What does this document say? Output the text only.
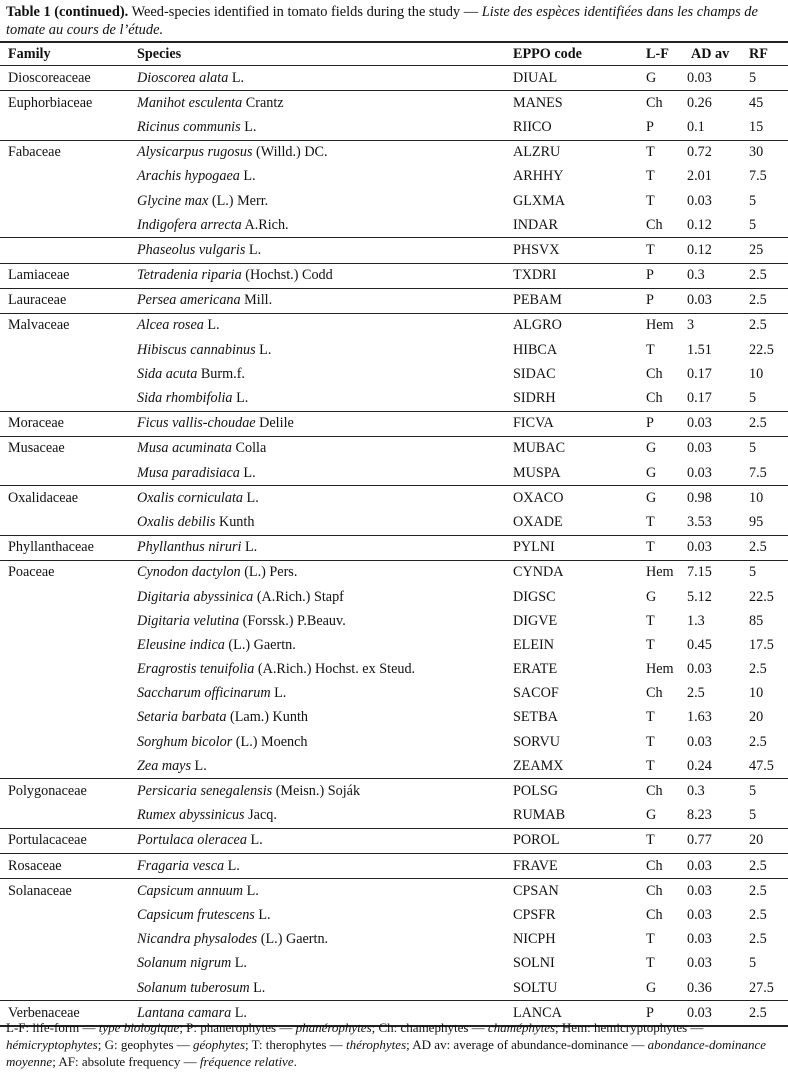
Table 1 (continued). Weed-species identified in tomato fields during the study — Liste des espèces identifiées dans les champs de tomate au cours de l’étude.
Family	Species	EPPO code	L-F	AD av	RF
Dioscoreaceae	Dioscorea alata L.	DIUAL	G	0.03	5
Euphorbiaceae	Manihot esculenta Crantz	MANES	Ch	0.26	45
	Ricinus communis L.	RIICO	P	0.1	15
Fabaceae	Alysicarpus rugosus (Willd.) DC.	ALZRU	T	0.72	30
	Arachis hypogaea L.	ARHHY	T	2.01	7.5
	Glycine max (L.) Merr.	GLXMA	T	0.03	5
	Indigofera arrecta A.Rich.	INDAR	Ch	0.12	5
	Phaseolus vulgaris L.	PHSVX	T	0.12	25
Lamiaceae	Tetradenia riparia (Hochst.) Codd	TXDRI	P	0.3	2.5
Lauraceae	Persea americana Mill.	PEBAM	P	0.03	2.5
Malvaceae	Alcea rosea L.	ALGRO	Hem	3	2.5
	Hibiscus cannabinus L.	HIBCA	T	1.51	22.5
	Sida acuta Burm.f.	SIDAC	Ch	0.17	10
	Sida rhombifolia L.	SIDRH	Ch	0.17	5
Moraceae	Ficus vallis-choudae Delile	FICVA	P	0.03	2.5
Musaceae	Musa acuminata Colla	MUBAC	G	0.03	5
	Musa paradisiaca L.	MUSPA	G	0.03	7.5
Oxalidaceae	Oxalis corniculata L.	OXACO	G	0.98	10
	Oxalis debilis Kunth	OXADE	T	3.53	95
Phyllanthaceae	Phyllanthus niruri L.	PYLNI	T	0.03	2.5
Poaceae	Cynodon dactylon (L.) Pers.	CYNDA	Hem	7.15	5
	Digitaria abyssinica (A.Rich.) Stapf	DIGSC	G	5.12	22.5
	Digitaria velutina (Forssk.) P.Beauv.	DIGVE	T	1.3	85
	Eleusine indica (L.) Gaertn.	ELEIN	T	0.45	17.5
	Eragrostis tenuifolia (A.Rich.) Hochst. ex Steud.	ERATE	Hem	0.03	2.5
	Saccharum officinarum L.	SACOF	Ch	2.5	10
	Setaria barbata (Lam.) Kunth	SETBA	T	1.63	20
	Sorghum bicolor (L.) Moench	SORVU	T	0.03	2.5
	Zea mays L.	ZEAMX	T	0.24	47.5
Polygonaceae	Persicaria senegalensis (Meisn.) Soják	POLSG	Ch	0.3	5
	Rumex abyssinicus Jacq.	RUMAB	G	8.23	5
Portulacaceae	Portulaca oleracea L.	POROL	T	0.77	20
Rosaceae	Fragaria vesca L.	FRAVE	Ch	0.03	2.5
Solanaceae	Capsicum annuum L.	CPSAN	Ch	0.03	2.5
	Capsicum frutescens L.	CPSFR	Ch	0.03	2.5
	Nicandra physalodes (L.) Gaertn.	NICPH	T	0.03	2.5
	Solanum nigrum L.	SOLNI	T	0.03	5
	Solanum tuberosum L.	SOLTU	G	0.36	27.5
Verbenaceae	Lantana camara L.	LANCA	P	0.03	2.5
L-F: life-form — type biologique; P: phanerophytes — phanérophytes; Ch: chamephytes — chaméphytes; Hem: hemicryptophytes — hémicryptophytes; G: geophytes — géophytes; T: therophytes — thérophytes; AD av: average of abundance-dominance — abondance-dominance moyenne; AF: absolute frequency — fréquence relative.
